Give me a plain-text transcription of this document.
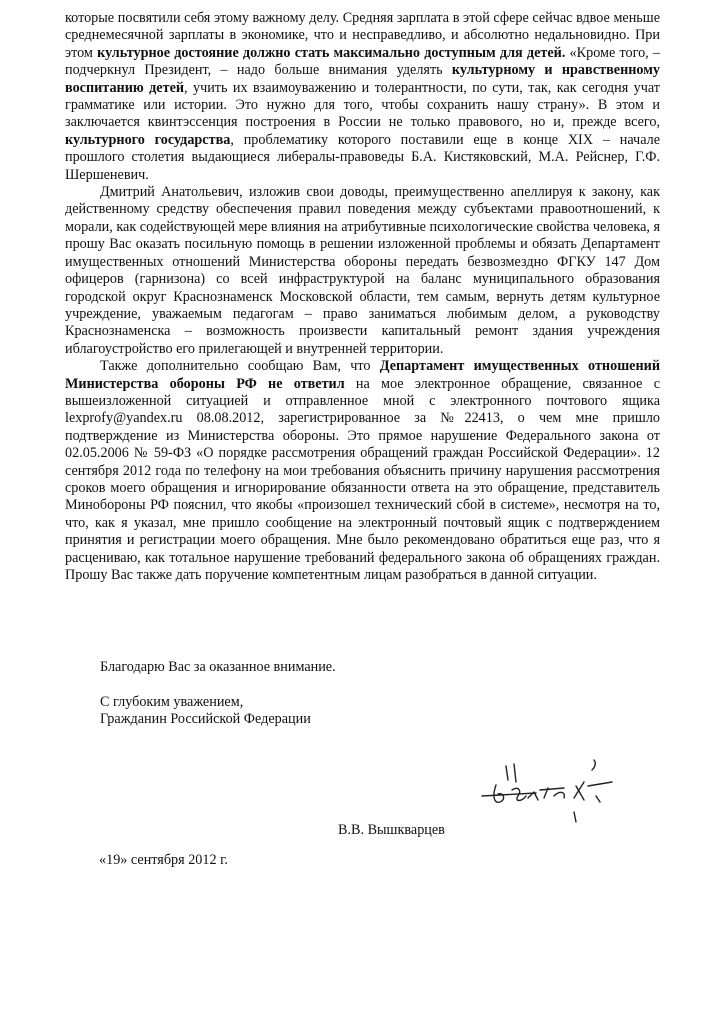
которые посвятили себя этому важному делу. Средняя зарплата в этой сфере сейчас вдвое меньше среднемесячной зарплаты в экономике, что и несправедливо, и абсолютно недальновидно. При этом культурное достояние должно стать максимально доступным для детей. «Кроме того, – подчеркнул Президент, – надо больше внимания уделять культурному и нравственному воспитанию детей, учить их взаимоуважению и толерантности, по сути, так, как сегодня учат грамматике или истории. Это нужно для того, чтобы сохранить нашу страну». В этом и заключается квинтэссенция построения в России не только правового, но и, прежде всего, культурного государства, проблематику которого поставили еще в конце XIX – начале прошлого столетия выдающиеся либералы-правоведы Б.А. Кистяковский, М.А. Рейснер, Г.Ф. Шершеневич.

Дмитрий Анатольевич, изложив свои доводы, преимущественно апеллируя к закону, как действенному средству обеспечения правил поведения между субъектами правоотношений, к морали, как содействующей мере влияния на атрибутивные психологические свойства человека, я прошу Вас оказать посильную помощь в решении изложенной проблемы и обязать Департамент имущественных отношений Министерства обороны передать безвозмездно ФГКУ 147 Дом офицеров (гарнизона) со всей инфраструктурой на баланс муниципального образования городской округ Краснознаменск Московской области, тем самым, вернуть детям культурное учреждение, уважаемым педагогам – право заниматься любимым делом, а руководству Краснознаменска – возможность произвести капитальный ремонт здания учреждения иблагоустройство его прилегающей и внутренней территории.

Также дополнительно сообщаю Вам, что Департамент имущественных отношений Министерства обороны РФ не ответил на мое электронное обращение, связанное с вышеизложенной ситуацией и отправленное мной с электронного почтового ящика lexprofy@yandex.ru 08.08.2012, зарегистрированное за №22413, о чем мне пришло подтверждение из Министерства обороны. Это прямое нарушение Федерального закона от 02.05.2006 № 59-ФЗ «О порядке рассмотрения обращений граждан Российской Федерации». 12 сентября 2012 года по телефону на мои требования объяснить причину нарушения рассмотрения сроков моего обращения и игнорирование обязанности ответа на это обращение, представитель Минобороны РФ пояснил, что якобы «произошел технический сбой в системе», несмотря на то, что, как я указал, мне пришло сообщение на электронный почтовый ящик с подтверждением принятия и регистрации моего обращения. Мне было рекомендовано обратиться еще раз, что я расцениваю, как тотальное нарушение требований федерального закона об обращениях граждан. Прошу Вас также дать поручение компетентным лицам разобраться в данной ситуации.

Благодарю Вас за оказанное внимание.
С глубоким уважением,
Гражданин Российской Федерации
В.В. Вышкварцев
«19» сентября 2012 г.
